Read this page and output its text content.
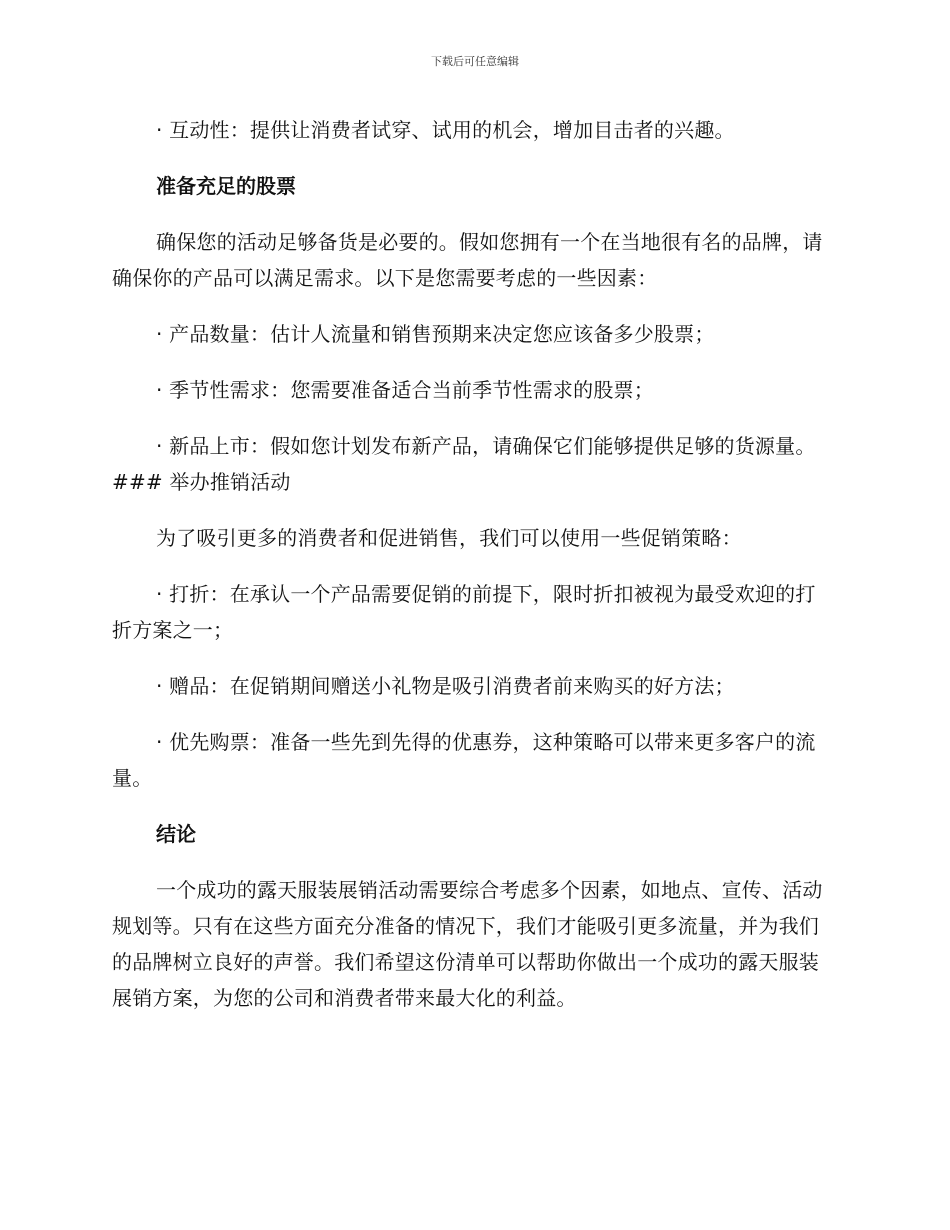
下载后可任意编辑

· 互动性：提供让消费者试穿、试用的机会，增加目击者的兴趣。

准备充足的股票

确保您的活动足够备货是必要的。假如您拥有一个在当地很有名的品牌，请确保你的产品可以满足需求。以下是您需要考虑的一些因素：

· 产品数量：估计人流量和销售预期来决定您应该备多少股票；

· 季节性需求：您需要准备适合当前季节性需求的股票；

· 新品上市：假如您计划发布新产品，请确保它们能够提供足够的货源量。 ### 举办推销活动

为了吸引更多的消费者和促进销售，我们可以使用一些促销策略：

· 打折：在承认一个产品需要促销的前提下，限时折扣被视为最受欢迎的打折方案之一；

· 赠品：在促销期间赠送小礼物是吸引消费者前来购买的好方法；

· 优先购票：准备一些先到先得的优惠券，这种策略可以带来更多客户的流量。

结论

一个成功的露天服装展销活动需要综合考虑多个因素，如地点、宣传、活动规划等。只有在这些方面充分准备的情况下，我们才能吸引更多流量，并为我们的品牌树立良好的声誉。我们希望这份清单可以帮助你做出一个成功的露天服装展销方案，为您的公司和消费者带来最大化的利益。
